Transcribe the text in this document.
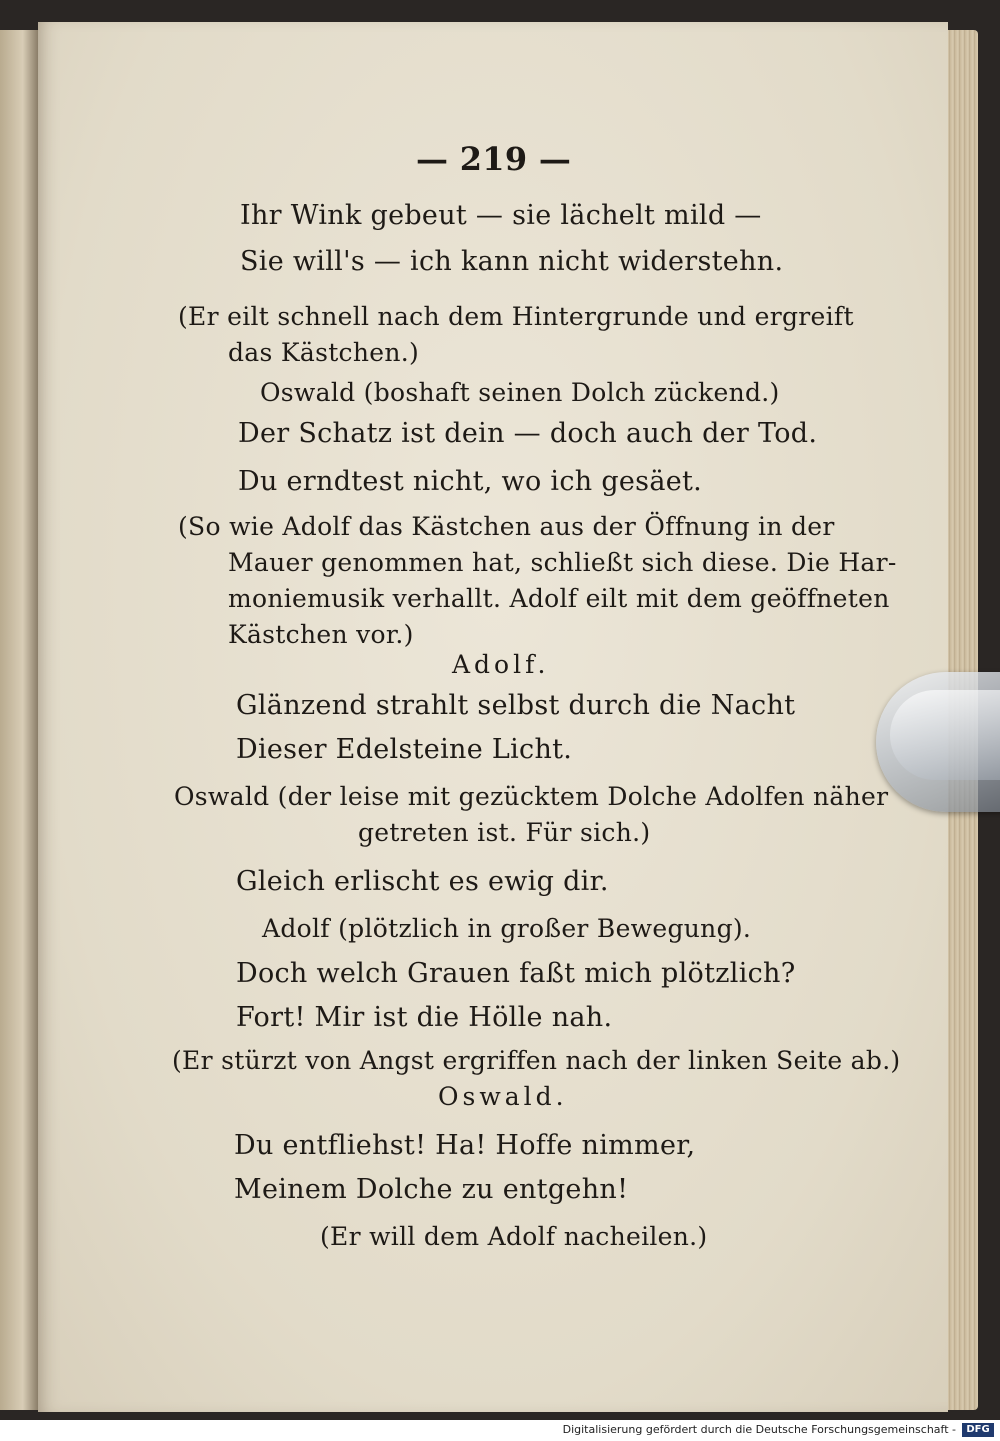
— 219 —
Ihr Wink gebeut — sie lächelt mild —
Sie will's — ich kann nicht widerstehn.
(Er eilt schnell nach dem Hintergrunde und ergreift
das Kästchen.)
Oswald (boshaft seinen Dolch zückend.)
Der Schatz ist dein — doch auch der Tod.
Du erndtest nicht, wo ich gesäet.
(So wie Adolf das Kästchen aus der Öffnung in der
Mauer genommen hat, schließt sich diese. Die Har-
moniemusik verhallt. Adolf eilt mit dem geöffneten
Kästchen vor.)
Adolf.
Glänzend strahlt selbst durch die Nacht
Dieser Edelsteine Licht.
Oswald (der leise mit gezücktem Dolche Adolfen näher
getreten ist. Für sich.)
Gleich erlischt es ewig dir.
Adolf (plötzlich in großer Bewegung).
Doch welch Grauen faßt mich plötzlich?
Fort! Mir ist die Hölle nah.
(Er stürzt von Angst ergriffen nach der linken Seite ab.)
Oswald.
Du entfliehst! Ha! Hoffe nimmer,
Meinem Dolche zu entgehn!
(Er will dem Adolf nacheilen.)
Digitalisierung gefördert durch die Deutsche Forschungsgemeinschaft -	DFG
